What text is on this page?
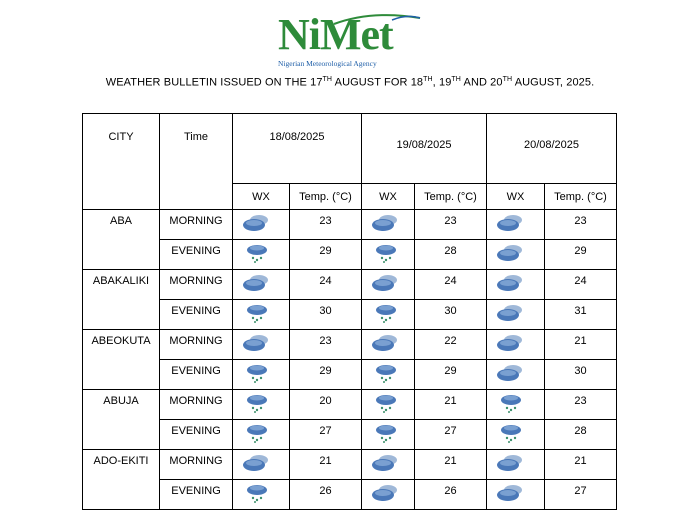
NiMet
Nigerian Meteorological Agency
WEATHER BULLETIN ISSUED ON THE 17TH AUGUST FOR 18TH, 19TH AND 20TH AUGUST, 2025.
CITY	Time	18/08/2025		19/08/2025		20/08/2025	
		WX	Temp. (°C)	WX	Temp. (°C)	WX	Temp. (°C)
ABA	MORNING		23		23		23
	EVENING		29		28		29
ABAKALIKI	MORNING		24		24		24
	EVENING		30		30		31
ABEOKUTA	MORNING		23		22		21
	EVENING		29		29		30
ABUJA	MORNING		20		21		23
	EVENING		27		27		28
ADO-EKITI	MORNING		21		21		21
	EVENING		26		26		27
